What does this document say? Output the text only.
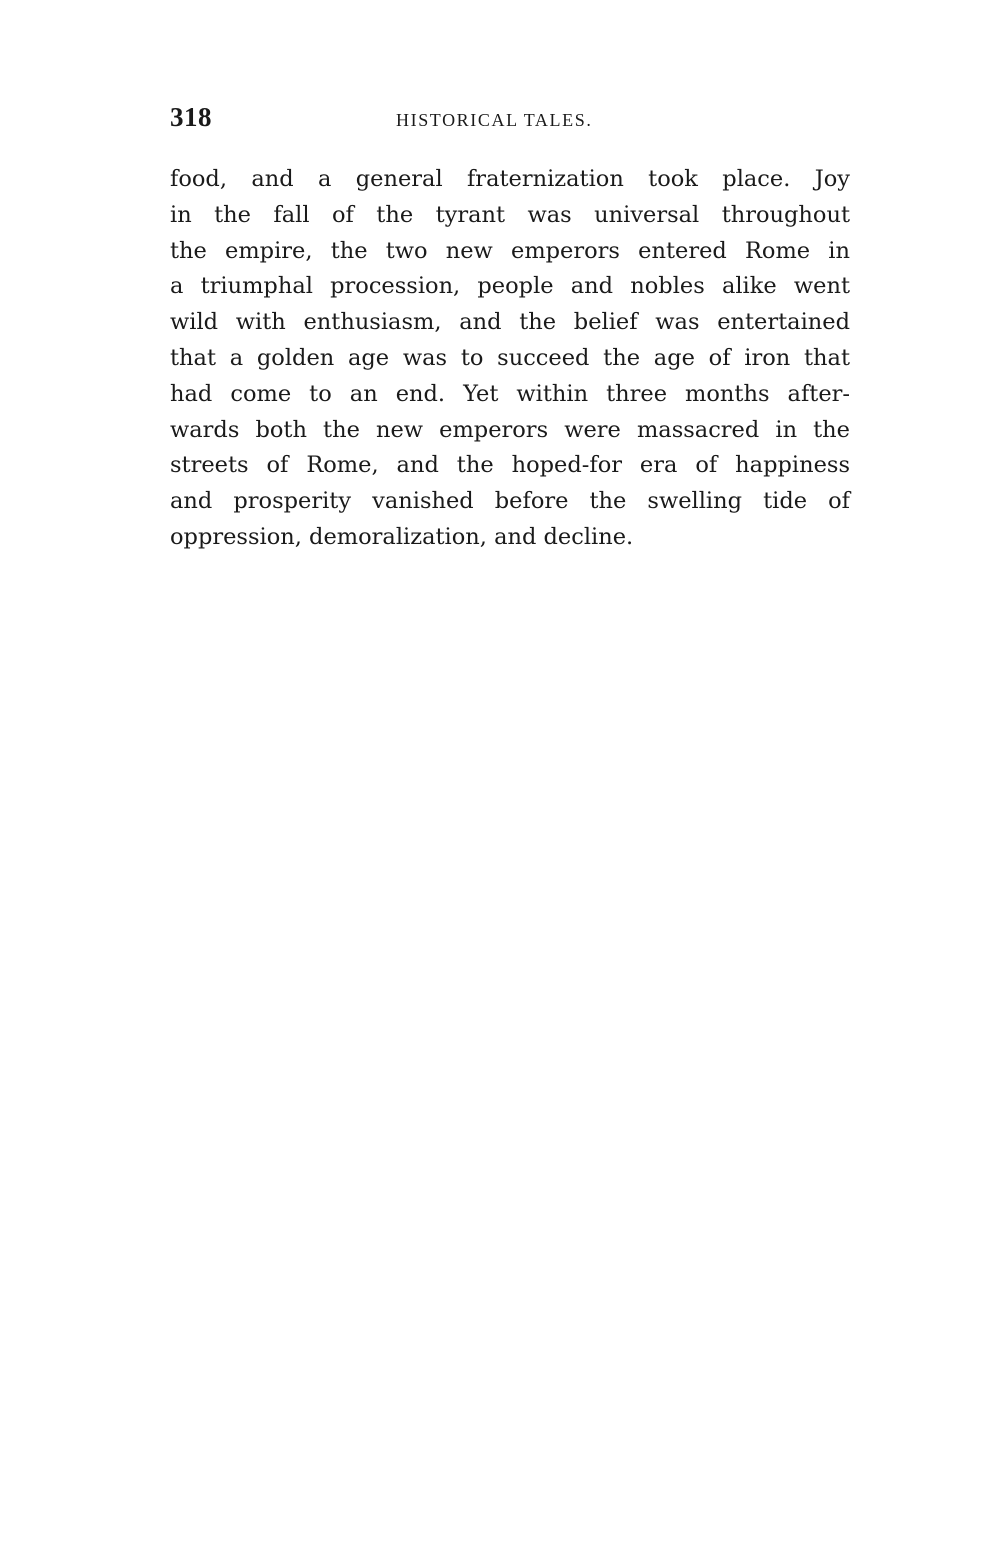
318	HISTORICAL TALES.
food, and a general fraternization took place. Joy
in the fall of the tyrant was universal throughout
the empire, the two new emperors entered Rome in
a triumphal procession, people and nobles alike went
wild with enthusiasm, and the belief was entertained
that a golden age was to succeed the age of iron that
had come to an end. Yet within three months after-
wards both the new emperors were massacred in the
streets of Rome, and the hoped-for era of happiness
and prosperity vanished before the swelling tide of
oppression, demoralization, and decline.
